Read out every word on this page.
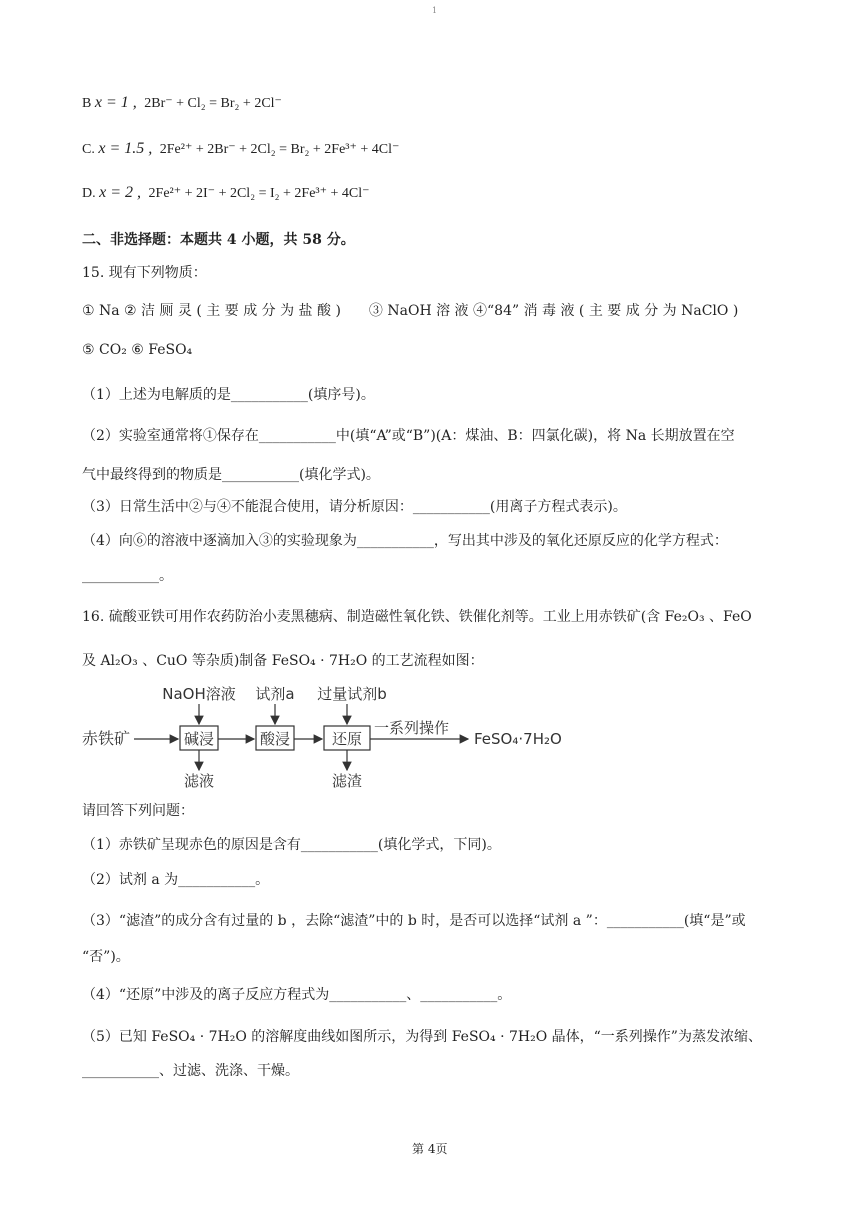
1
B x = 1 , 2Br⁻ + Cl₂ = Br₂ + 2Cl⁻
C. x = 1.5 , 2Fe²⁺ + 2Br⁻ + 2Cl₂ = Br₂ + 2Fe³⁺ + 4Cl⁻
D. x = 2 , 2Fe²⁺ + 2I⁻ + 2Cl₂ = I₂ + 2Fe³⁺ + 4Cl⁻
二、非选择题：本题共 4 小题，共 58 分。
15. 现有下列物质：
① Na ② 洁 厕 灵 ( 主 要 成 分 为 盐 酸 )　　③ NaOH 溶 液 ④“84” 消 毒 液 ( 主 要 成 分 为 NaClO )
⑤ CO₂ ⑥ FeSO₄
（1）上述为电解质的是___________(填序号)。
（2）实验室通常将①保存在___________中(填“A”或“B”)(A：煤油、B：四氯化碳)，将 Na 长期放置在空
气中最终得到的物质是___________(填化学式)。
（3）日常生活中②与④不能混合使用，请分析原因：___________(用离子方程式表示)。
（4）向⑥的溶液中逐滴加入③的实验现象为___________，写出其中涉及的氧化还原反应的化学方程式：
___________。
16. 硫酸亚铁可用作农药防治小麦黑穗病、制造磁性氧化铁、铁催化剂等。工业上用赤铁矿(含 Fe₂O₃ 、FeO
及 Al₂O₃ 、CuO 等杂质)制备 FeSO₄ · 7H₂O 的工艺流程如图：
赤铁矿	碱浸	酸浸	还原
一系列操作
FeSO₄·7H₂O
NaOH溶液 试剂a 过量试剂b
滤液	滤渣
请回答下列问题：
（1）赤铁矿呈现赤色的原因是含有___________(填化学式，下同)。
（2）试剂 a 为___________。
（3）“滤渣”的成分含有过量的 b ，去除“滤渣”中的 b 时，是否可以选择“试剂 a ”：___________(填“是”或
“否”)。
（4）“还原”中涉及的离子反应方程式为___________、___________。
（5）已知 FeSO₄ · 7H₂O 的溶解度曲线如图所示，为得到 FeSO₄ · 7H₂O 晶体，“一系列操作”为蒸发浓缩、
___________、过滤、洗涤、干燥。
第 4页
